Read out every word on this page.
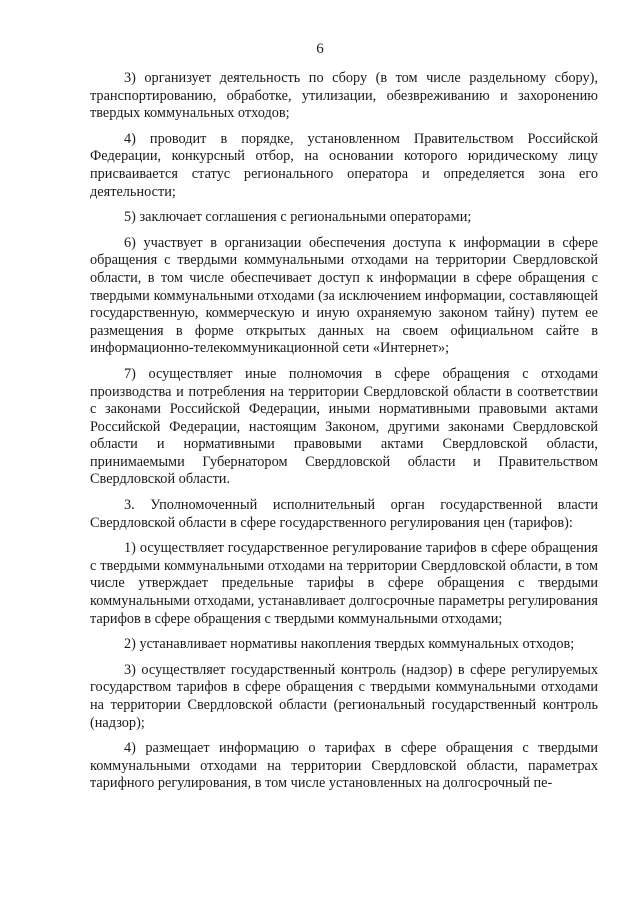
6

3) организует деятельность по сбору (в том числе раздельному сбору), транспортированию, обработке, утилизации, обезвреживанию и захоронению твердых коммунальных отходов;

4) проводит в порядке, установленном Правительством Российской Федерации, конкурсный отбор, на основании которого юридическому лицу присваивается статус регионального оператора и определяется зона его деятельности;

5) заключает соглашения с региональными операторами;

6) участвует в организации обеспечения доступа к информации в сфере обращения с твердыми коммунальными отходами на территории Свердловской области, в том числе обеспечивает доступ к информации в сфере обращения с твердыми коммунальными отходами (за исключением информации, составляющей государственную, коммерческую и иную охраняемую законом тайну) путем ее размещения в форме открытых данных на своем официальном сайте в информационно-телекоммуникационной сети «Интернет»;

7) осуществляет иные полномочия в сфере обращения с отходами производства и потребления на территории Свердловской области в соответствии с законами Российской Федерации, иными нормативными правовыми актами Российской Федерации, настоящим Законом, другими законами Свердловской области и нормативными правовыми актами Свердловской области, принимаемыми Губернатором Свердловской области и Правительством Свердловской области.

3. Уполномоченный исполнительный орган государственной власти Свердловской области в сфере государственного регулирования цен (тарифов):

1) осуществляет государственное регулирование тарифов в сфере обращения с твердыми коммунальными отходами на территории Свердловской области, в том числе утверждает предельные тарифы в сфере обращения с твердыми коммунальными отходами, устанавливает долгосрочные параметры регулирования тарифов в сфере обращения с твердыми коммунальными отходами;

2) устанавливает нормативы накопления твердых коммунальных отходов;

3) осуществляет государственный контроль (надзор) в сфере регулируемых государством тарифов в сфере обращения с твердыми коммунальными отходами на территории Свердловской области (региональный государственный контроль (надзор);

4) размещает информацию о тарифах в сфере обращения с твердыми коммунальными отходами на территории Свердловской области, параметрах тарифного регулирования, в том числе установленных на долгосрочный пе-
